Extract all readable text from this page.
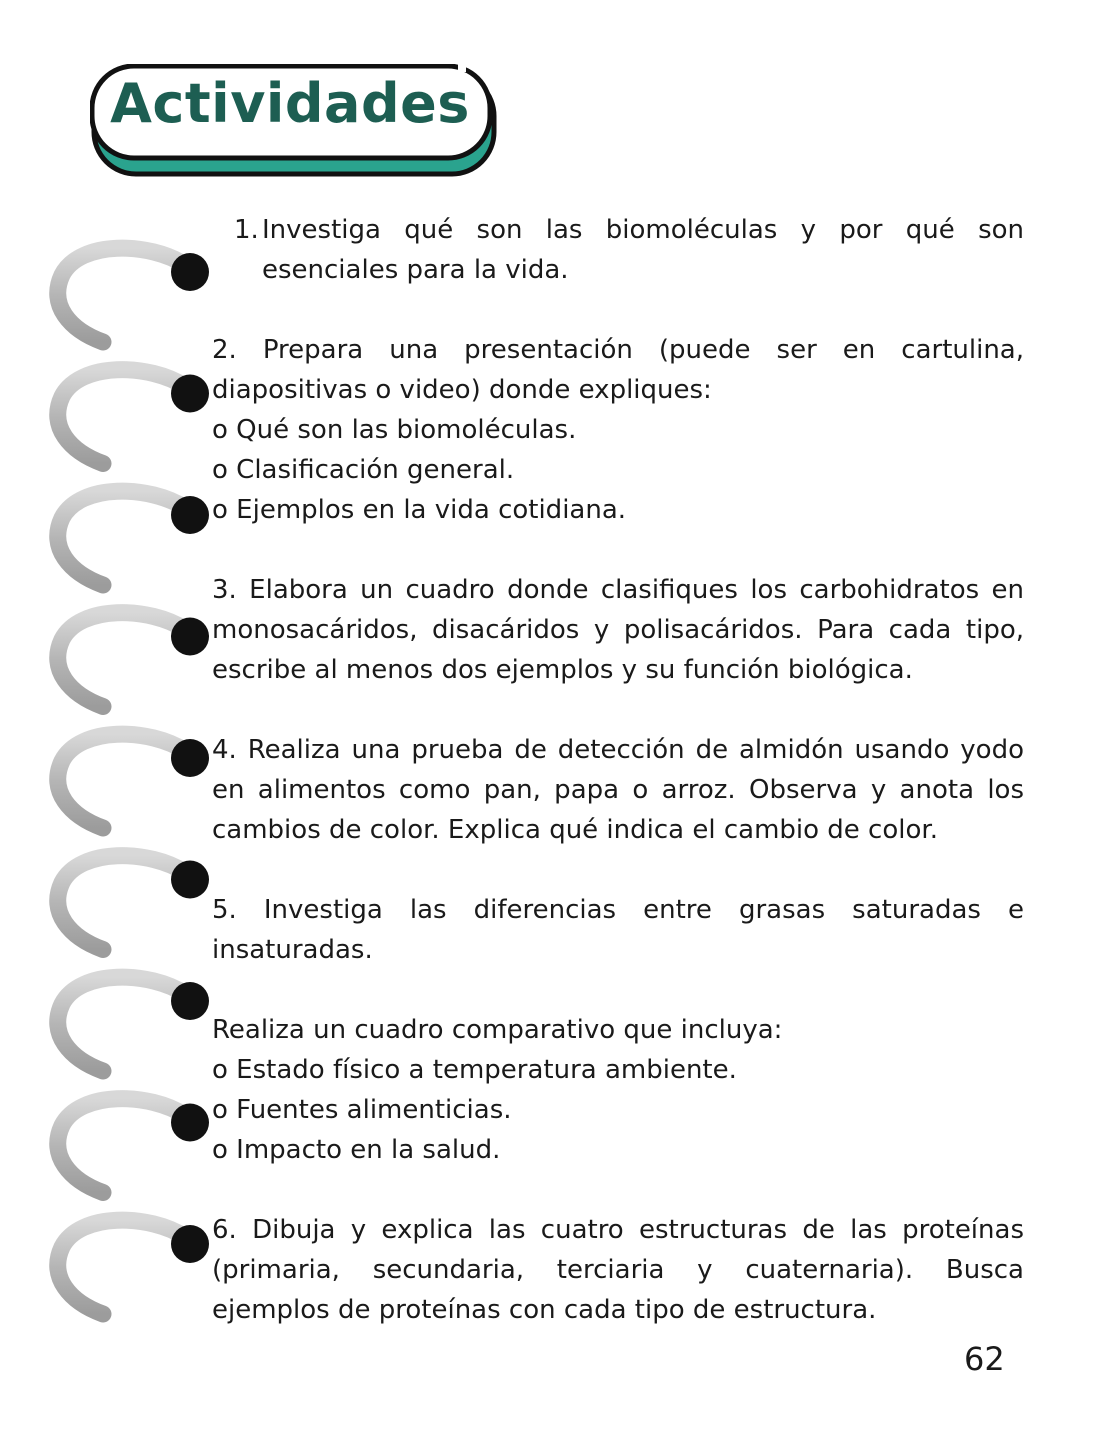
Actividades
1. Investiga qué son las biomoléculas y por qué son esenciales para la vida.
2. Prepara una presentación (puede ser en cartulina, diapositivas o video) donde expliques:
o Qué son las biomoléculas.
o Clasificación general.
o Ejemplos en la vida cotidiana.
3. Elabora un cuadro donde clasifiques los carbohidratos en monosacáridos, disacáridos y polisacáridos. Para cada tipo, escribe al menos dos ejemplos y su función biológica.
4. Realiza una prueba de detección de almidón usando yodo en alimentos como pan, papa o arroz. Observa y anota los cambios de color. Explica qué indica el cambio de color.
5. Investiga las diferencias entre grasas saturadas e insaturadas.
Realiza un cuadro comparativo que incluya:
o Estado físico a temperatura ambiente.
o Fuentes alimenticias.
o Impacto en la salud.
6. Dibuja y explica las cuatro estructuras de las proteínas (primaria, secundaria, terciaria y cuaternaria). Busca ejemplos de proteínas con cada tipo de estructura.
62
